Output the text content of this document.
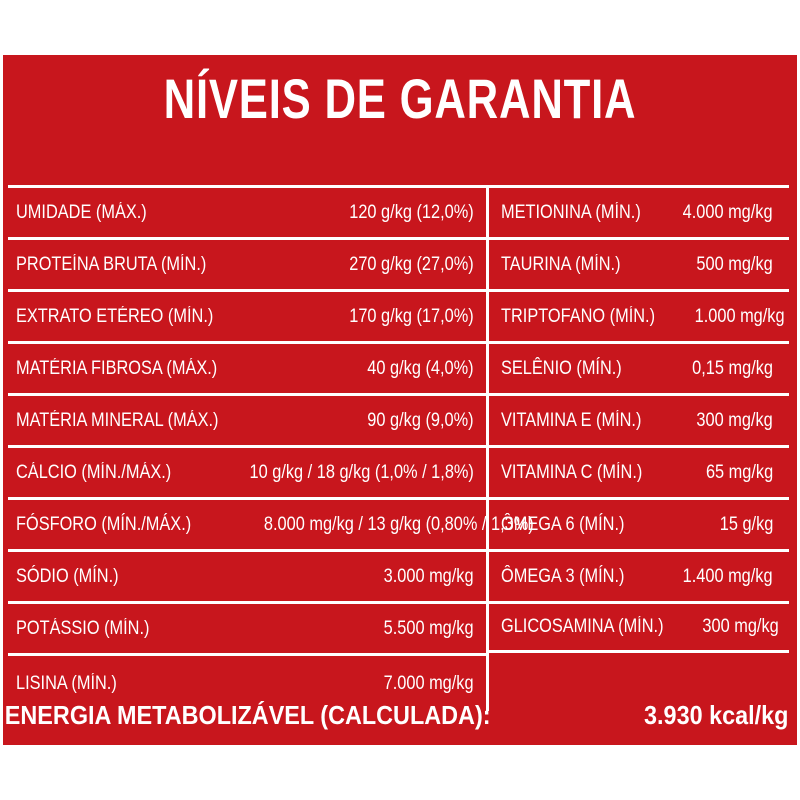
NÍVEIS DE GARANTIA
UMIDADE (MÁX.)	120 g/kg (12,0%)
PROTEÍNA BRUTA (MÍN.)	270 g/kg (27,0%)
EXTRATO ETÉREO (MÍN.)	170 g/kg (17,0%)
MATÉRIA FIBROSA (MÁX.)	40 g/kg (4,0%)
MATÉRIA MINERAL (MÁX.)	90 g/kg (9,0%)
CÁLCIO (MÍN./MÁX.)	10 g/kg / 18 g/kg (1,0% / 1,8%)
FÓSFORO (MÍN./MÁX.)	8.000 mg/kg / 13 g/kg (0,80% / 1,3%)
SÓDIO (MÍN.)	3.000 mg/kg
POTÁSSIO (MÍN.)	5.500 mg/kg
LISINA (MÍN.)	7.000 mg/kg
METIONINA (MÍN.) 4.000 mg/kg
TAURINA (MÍN.)	500 mg/kg
TRIPTOFANO (MÍN.) 1.000 mg/kg
SELÊNIO (MÍN.)	0,15 mg/kg
VITAMINA E (MÍN.)	300 mg/kg
VITAMINA C (MÍN.)	65 mg/kg
ÔMEGA 6 (MÍN.)	15 g/kg
ÔMEGA 3 (MÍN.)	1.400 mg/kg
GLICOSAMINA (MÍN.) 300 mg/kg
ENERGIA METABOLIZÁVEL (CALCULADA):	3.930 kcal/kg
